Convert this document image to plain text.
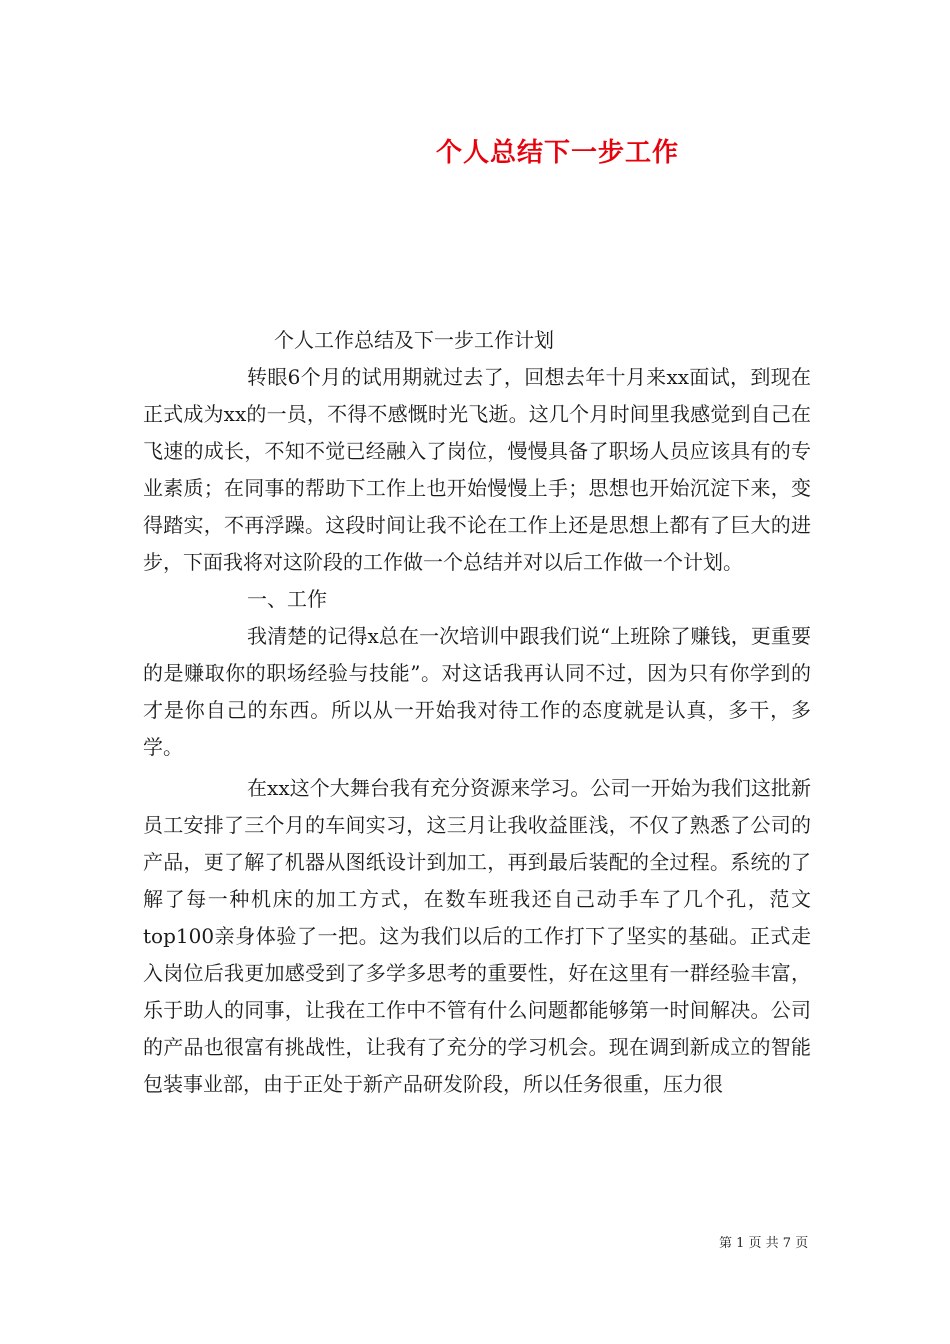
个人总结下一步工作

个人工作总结及下一步工作计划

转眼6个月的试用期就过去了，回想去年十月来xx面试，到现在正式成为xx的一员，不得不感慨时光飞逝。这几个月时间里我感觉到自己在飞速的成长，不知不觉已经融入了岗位，慢慢具备了职场人员应该具有的专业素质；在同事的帮助下工作上也开始慢慢上手；思想也开始沉淀下来，变得踏实，不再浮躁。这段时间让我不论在工作上还是思想上都有了巨大的进步，下面我将对这阶段的工作做一个总结并对以后工作做一个计划。

一、工作

我清楚的记得x总在一次培训中跟我们说“上班除了赚钱，更重要的是赚取你的职场经验与技能”。对这话我再认同不过，因为只有你学到的才是你自己的东西。所以从一开始我对待工作的态度就是认真，多干，多学。

在xx这个大舞台我有充分资源来学习。公司一开始为我们这批新员工安排了三个月的车间实习，这三月让我收益匪浅，不仅了熟悉了公司的产品，更了解了机器从图纸设计到加工，再到最后装配的全过程。系统的了解了每一种机床的加工方式，在数车班我还自己动手车了几个孔，范文top100亲身体验了一把。这为我们以后的工作打下了坚实的基础。正式走入岗位后我更加感受到了多学多思考的重要性，好在这里有一群经验丰富，乐于助人的同事，让我在工作中不管有什么问题都能够第一时间解决。公司的产品也很富有挑战性，让我有了充分的学习机会。现在调到新成立的智能包装事业部，由于正处于新产品研发阶段，所以任务很重，压力很

第 1 页 共 7 页
